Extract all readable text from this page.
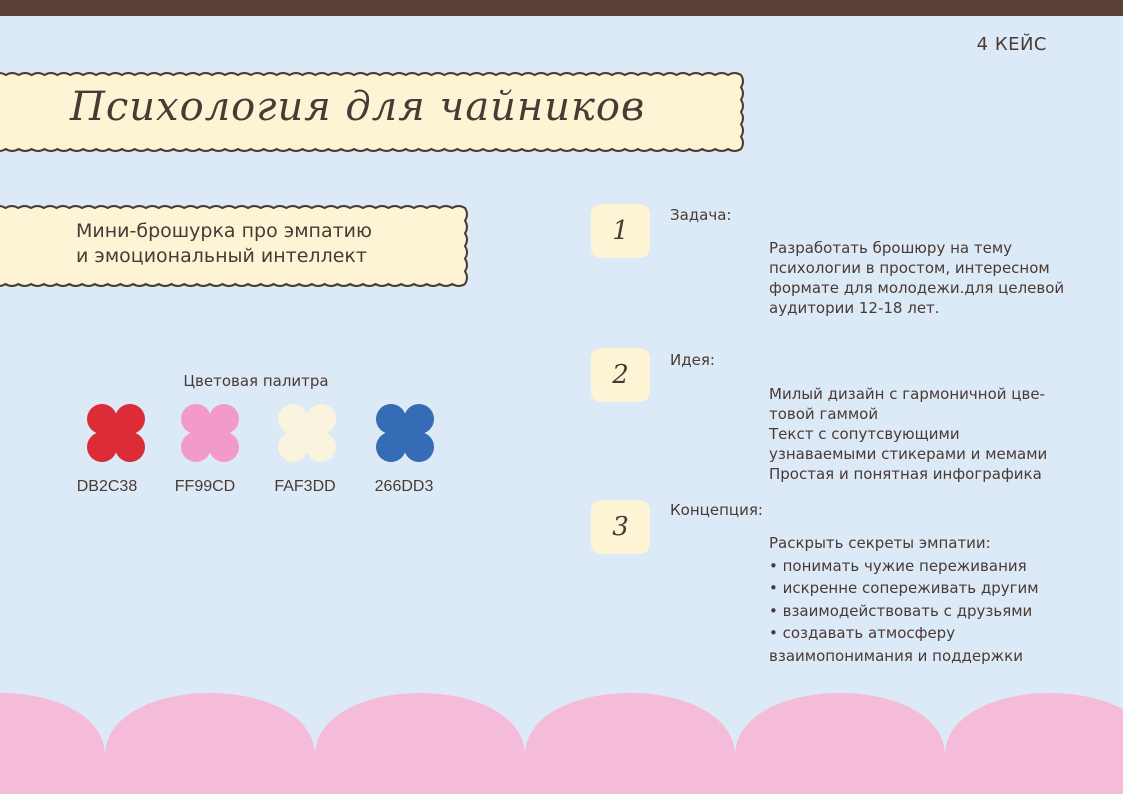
4 КЕЙС
Психология для чайников
Мини-брошурка про эмпатию
и эмоциональный интеллект
Цветовая палитра
DB2C38	FF99CD	FAF3DD	266DD3
1
Задача:
Разработать брошюру на тему
психологии в простом, интересном
формате для молодежи.для целевой
аудитории 12-18 лет.
2	Идея:
Милый дизайн с гармоничной цве-
товой гаммой
Текст с сопутсвующими
узнаваемыми стикерами и мемами
Простая и понятная инфографика
3
Концепция:
Раскрыть секреты эмпатии:
• понимать чужие переживания
• искренне сопереживать другим
• взаимодействовать с друзьями
• создавать атмосферу
взаимопонимания и поддержки
